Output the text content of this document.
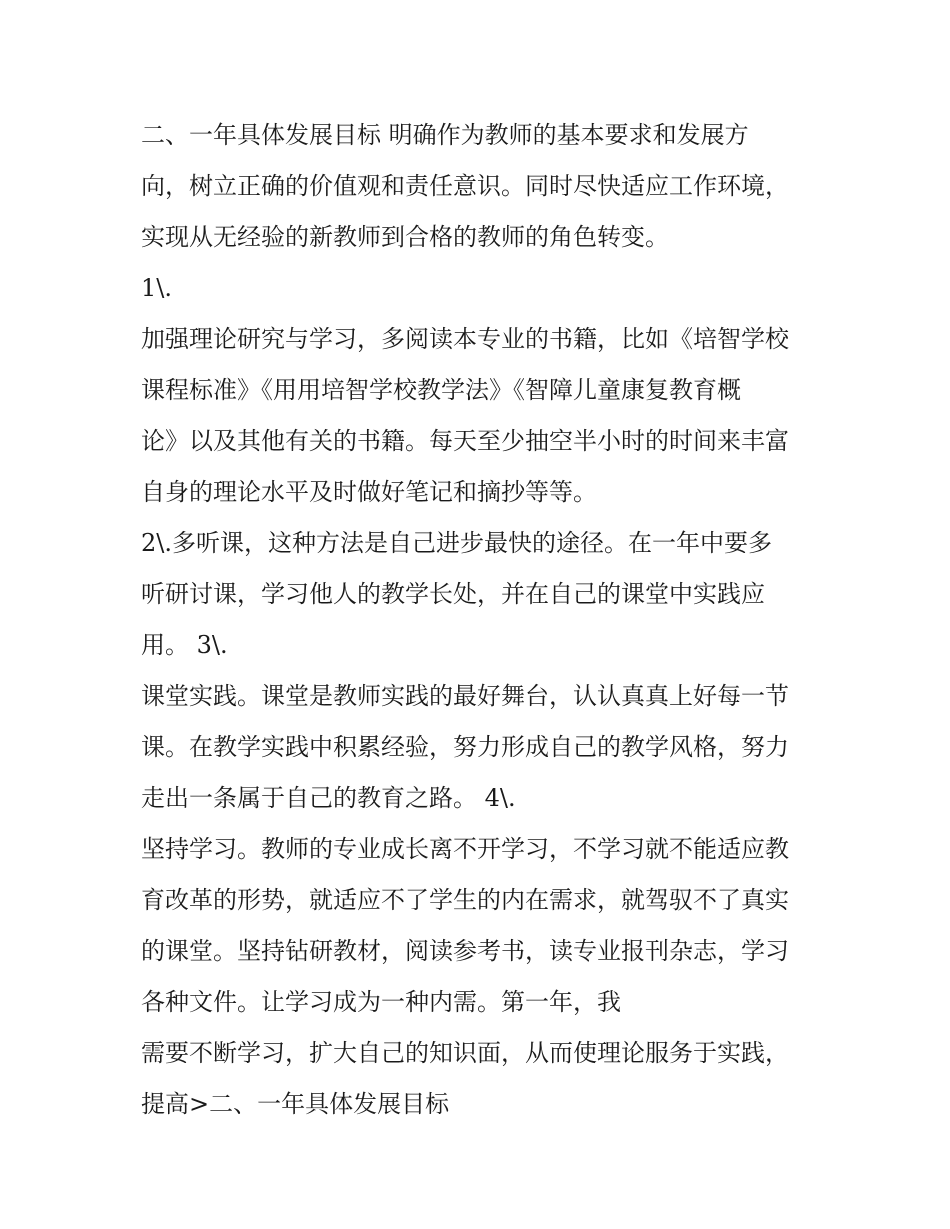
二、一年具体发展目标 明确作为教师的基本要求和发展方
向，树立正确的价值观和责任意识。同时尽快适应工作环境，
实现从无经验的新教师到合格的教师的角色转变。
1\.
加强理论研究与学习，多阅读本专业的书籍，比如《培智学校
课程标准》《用用培智学校教学法》《智障儿童康复教育概
论》以及其他有关的书籍。每天至少抽空半小时的时间来丰富
自身的理论水平及时做好笔记和摘抄等等。
2\.多听课，这种方法是自己进步最快的途径。在一年中要多
听研讨课，学习他人的教学长处，并在自己的课堂中实践应
用。 3\.
课堂实践。课堂是教师实践的最好舞台，认认真真上好每一节
课。在教学实践中积累经验，努力形成自己的教学风格，努力
走出一条属于自己的教育之路。 4\.
坚持学习。教师的专业成长离不开学习，不学习就不能适应教
育改革的形势，就适应不了学生的内在需求，就驾驭不了真实
的课堂。坚持钻研教材，阅读参考书，读专业报刊杂志，学习
各种文件。让学习成为一种内需。第一年，我
需要不断学习，扩大自己的知识面，从而使理论服务于实践，
提高>二、一年具体发展目标
